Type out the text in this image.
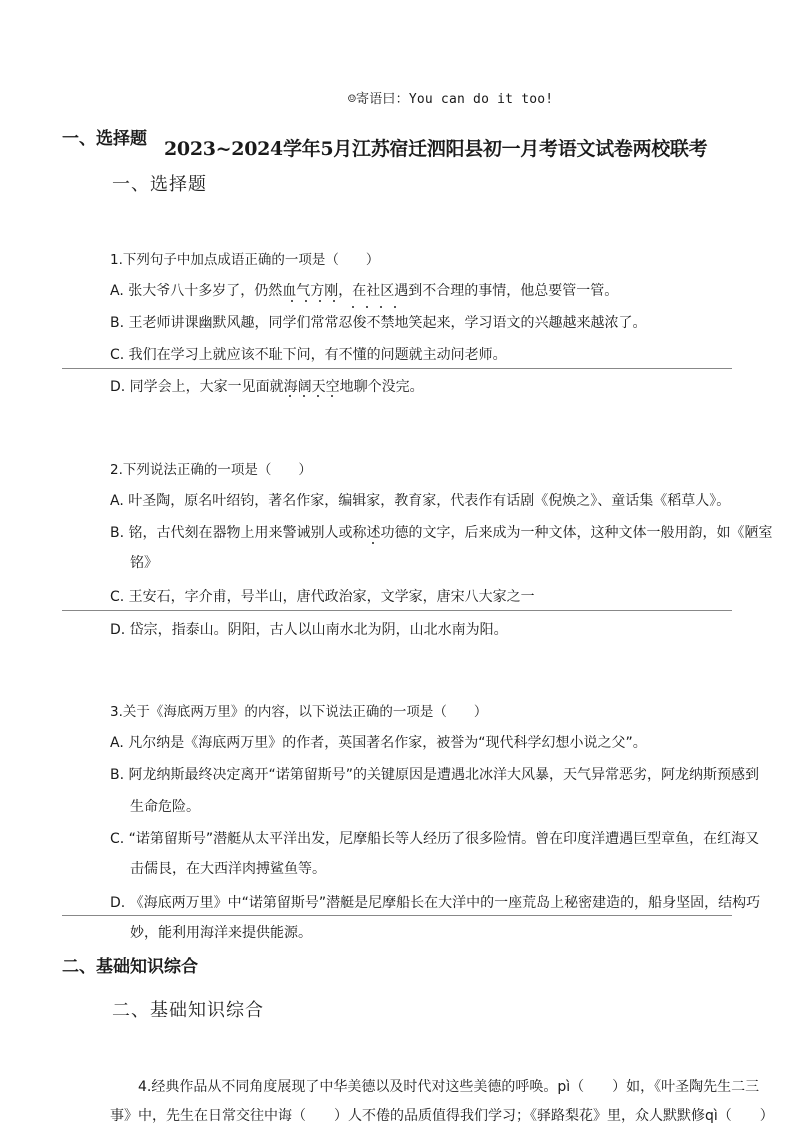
☺寄语曰：You can do it too!
一、选择题 2023~2024学年5月江苏宿迁泗阳县初一月考语文试卷两校联考
一、选择题
1.下列句子中加点成语正确的一项是（　　）
A. 张大爷八十多岁了，仍然血气方刚，在社区遇到不合理的事情，他总要管一管。
B. 王老师讲课幽默风趣，同学们常常忍俊不禁地笑起来，学习语文的兴趣越来越浓了。
C. 我们在学习上就应该不耻下问，有不懂的问题就主动问老师。
D. 同学会上，大家一见面就海阔天空地聊个没完。
2.下列说法正确的一项是（　　）
A. 叶圣陶，原名叶绍钧，著名作家，编辑家，教育家，代表作有话剧《倪焕之》、童话集《稻草人》。
B. 铭，古代刻在器物上用来警诫别人或称述功德的文字，后来成为一种文体，这种文体一般用韵，如《陋室
铭》
C. 王安石，字介甫，号半山，唐代政治家，文学家，唐宋八大家之一
D. 岱宗，指泰山。阴阳，古人以山南水北为阴，山北水南为阳。
3.关于《海底两万里》的内容，以下说法正确的一项是（　　）
A. 凡尔纳是《海底两万里》的作者，英国著名作家，被誉为“现代科学幻想小说之父”。
B. 阿龙纳斯最终决定离开“诺第留斯号”的关键原因是遭遇北冰洋大风暴，天气异常恶劣，阿龙纳斯预感到
生命危险。
C. “诺第留斯号”潜艇从太平洋出发，尼摩船长等人经历了很多险情。曾在印度洋遭遇巨型章鱼，在红海又
击儒艮，在大西洋肉搏鲨鱼等。
D. 《海底两万里》中“诺第留斯号”潜艇是尼摩船长在大洋中的一座荒岛上秘密建造的，船身坚固，结构巧
妙，能利用海洋来提供能源。
二、基础知识综合
二、基础知识综合
4.经典作品从不同角度展现了中华美德以及时代对这些美德的呼唤。pì（　　）如，《叶圣陶先生二三
事》中，先生在日常交往中诲（　　）人不倦的品质值得我们学习；《驿路梨花》里，众人默默修qì（　　）
